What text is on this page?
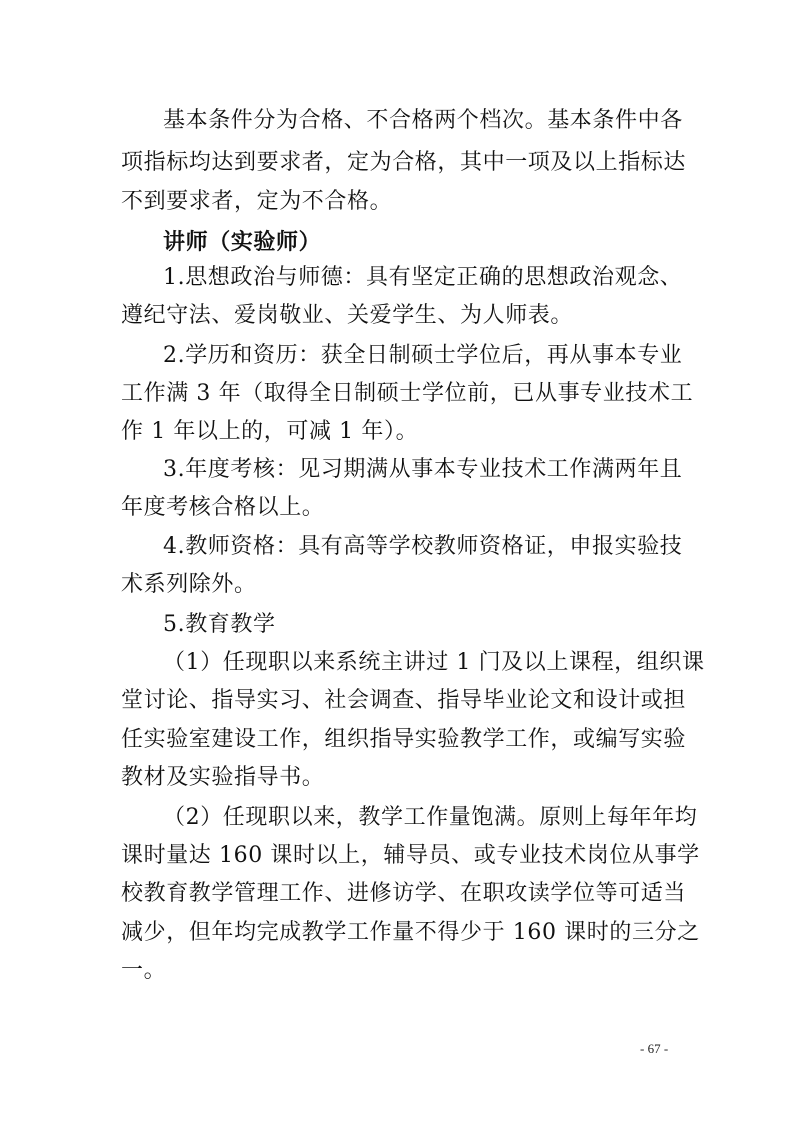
基本条件分为合格、不合格两个档次。基本条件中各
项指标均达到要求者，定为合格，其中一项及以上指标达
不到要求者，定为不合格。
讲师（实验师）
1.思想政治与师德：具有坚定正确的思想政治观念、
遵纪守法、爱岗敬业、关爱学生、为人师表。
2.学历和资历：获全日制硕士学位后，再从事本专业
工作满 3 年（取得全日制硕士学位前，已从事专业技术工
作 1 年以上的，可减 1 年）。
3.年度考核：见习期满从事本专业技术工作满两年且
年度考核合格以上。
4.教师资格：具有高等学校教师资格证，申报实验技
术系列除外。
5.教育教学
（1）任现职以来系统主讲过 1 门及以上课程，组织课
堂讨论、指导实习、社会调查、指导毕业论文和设计或担
任实验室建设工作，组织指导实验教学工作，或编写实验
教材及实验指导书。
（2）任现职以来，教学工作量饱满。原则上每年年均
课时量达 160 课时以上，辅导员、或专业技术岗位从事学
校教育教学管理工作、进修访学、在职攻读学位等可适当
减少，但年均完成教学工作量不得少于 160 课时的三分之
一。
- 67 -
